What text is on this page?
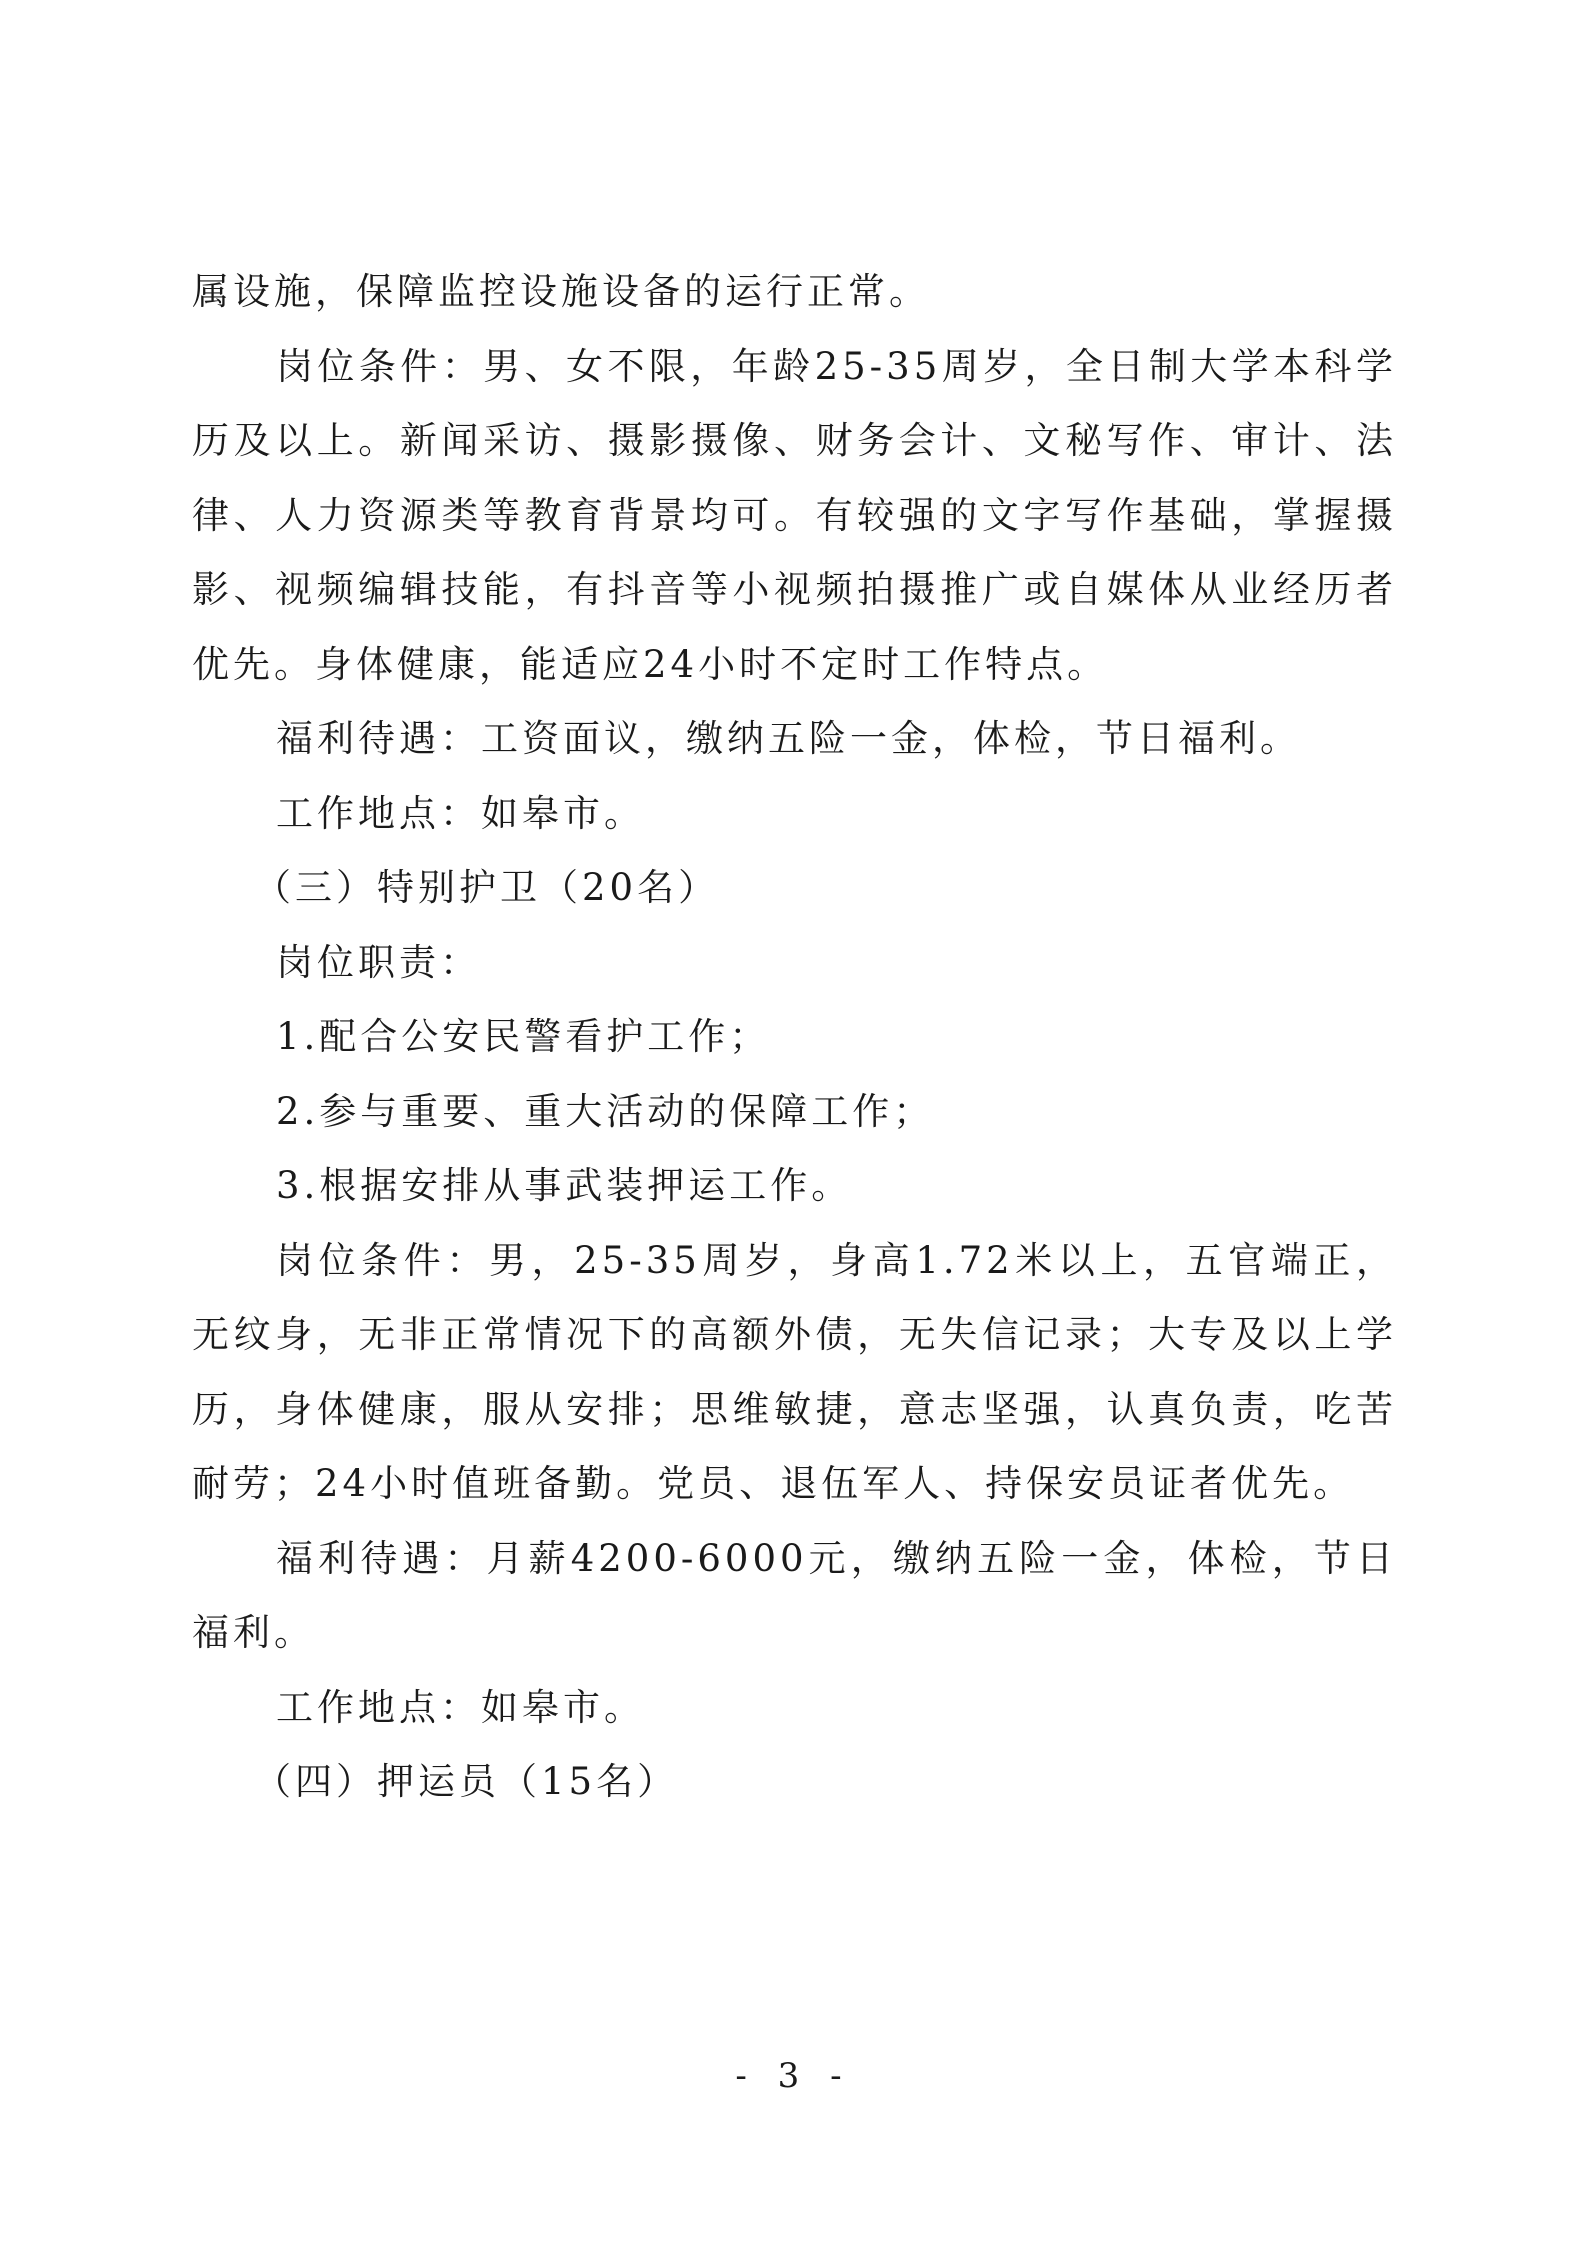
属设施，保障监控设施设备的运行正常。

岗位条件：男、女不限，年龄25-35周岁，全日制大学本科学历及以上。新闻采访、摄影摄像、财务会计、文秘写作、审计、法律、人力资源类等教育背景均可。有较强的文字写作基础，掌握摄影、视频编辑技能，有抖音等小视频拍摄推广或自媒体从业经历者优先。身体健康，能适应24小时不定时工作特点。

福利待遇：工资面议，缴纳五险一金，体检，节日福利。

工作地点：如皋市。

（三）特别护卫（20名）

岗位职责：

1.配合公安民警看护工作；

2.参与重要、重大活动的保障工作；

3.根据安排从事武装押运工作。

岗位条件：男，25-35周岁，身高1.72米以上，五官端正，无纹身，无非正常情况下的高额外债，无失信记录；大专及以上学历，身体健康，服从安排；思维敏捷，意志坚强，认真负责，吃苦耐劳；24小时值班备勤。党员、退伍军人、持保安员证者优先。

福利待遇：月薪4200-6000元，缴纳五险一金，体检，节日福利。

工作地点：如皋市。

（四）押运员（15名）

- 3 -
